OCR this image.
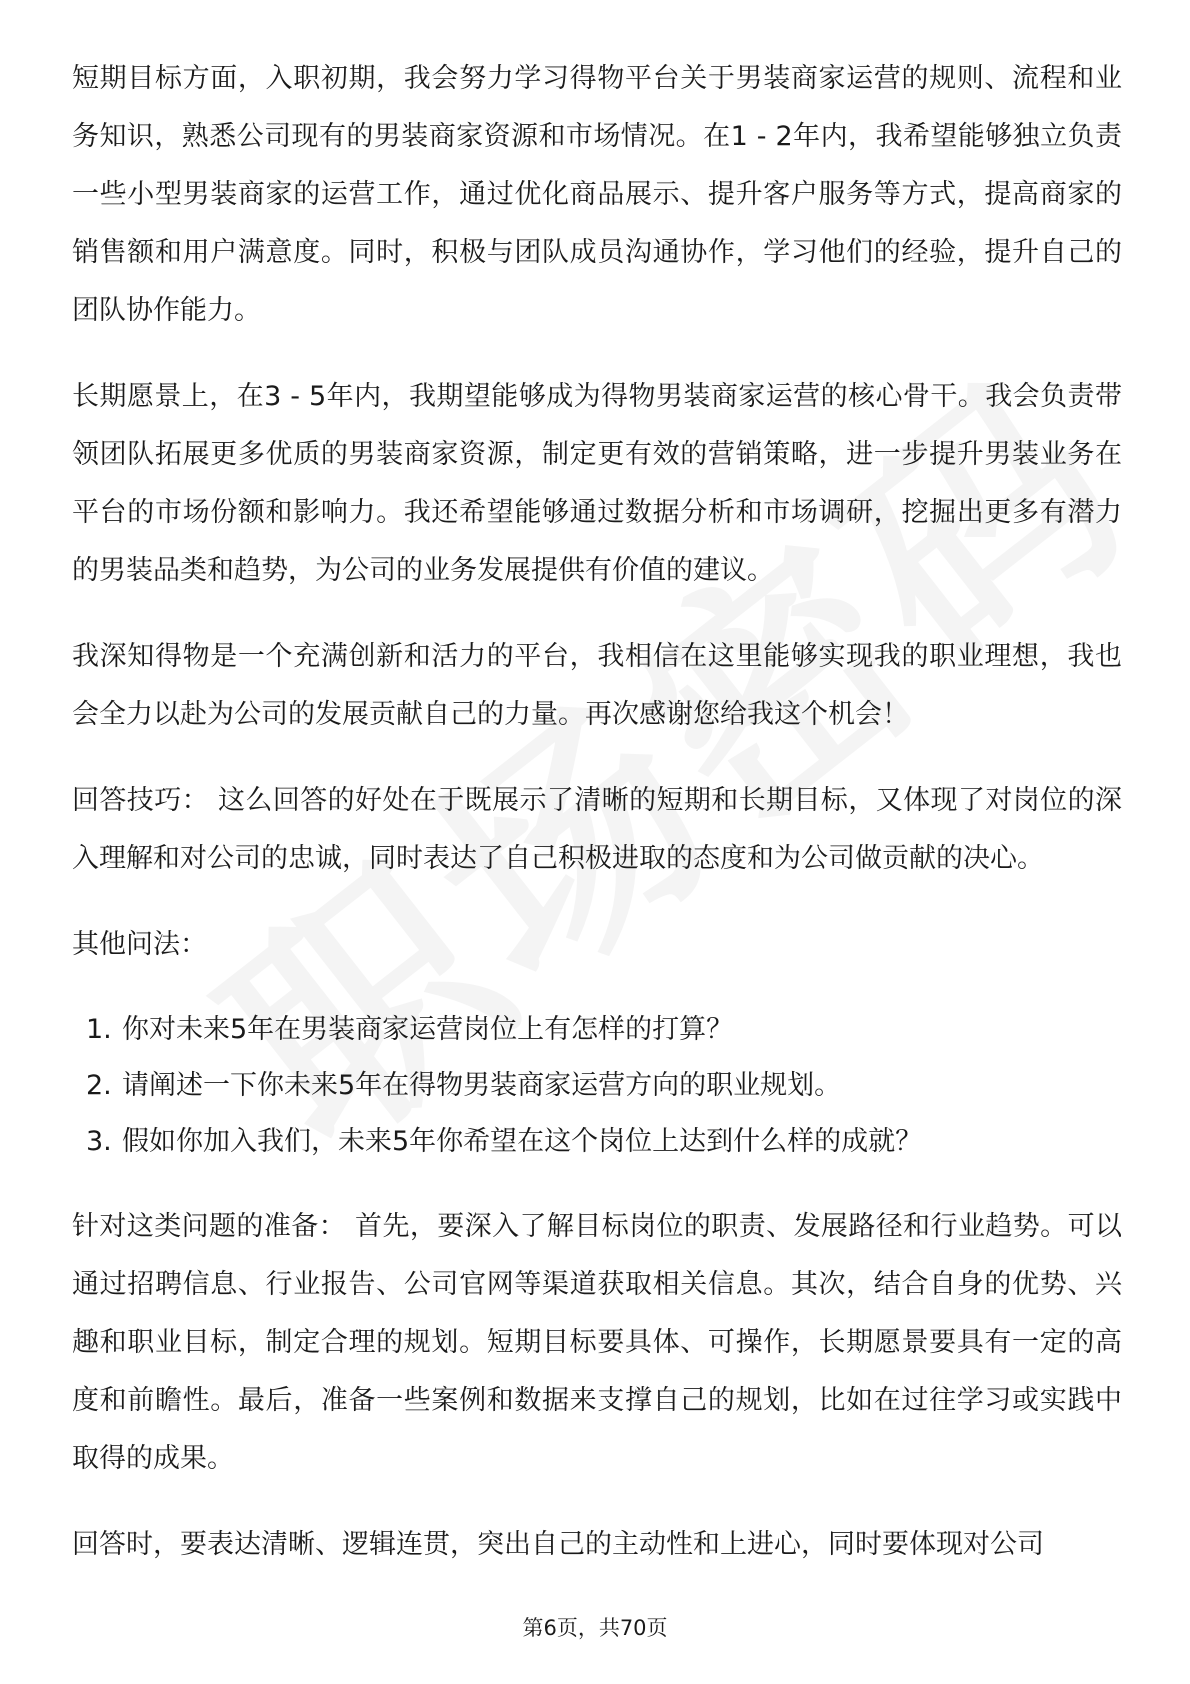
短期目标方面，入职初期，我会努力学习得物平台关于男装商家运营的规则、流程和业务知识，熟悉公司现有的男装商家资源和市场情况。在1 - 2年内，我希望能够独立负责一些小型男装商家的运营工作，通过优化商品展示、提升客户服务等方式，提高商家的销售额和用户满意度。同时，积极与团队成员沟通协作，学习他们的经验，提升自己的团队协作能力。

长期愿景上，在3 - 5年内，我期望能够成为得物男装商家运营的核心骨干。我会负责带领团队拓展更多优质的男装商家资源，制定更有效的营销策略，进一步提升男装业务在平台的市场份额和影响力。我还希望能够通过数据分析和市场调研，挖掘出更多有潜力的男装品类和趋势，为公司的业务发展提供有价值的建议。

我深知得物是一个充满创新和活力的平台，我相信在这里能够实现我的职业理想，我也会全力以赴为公司的发展贡献自己的力量。再次感谢您给我这个机会！

回答技巧： 这么回答的好处在于既展示了清晰的短期和长期目标，又体现了对岗位的深入理解和对公司的忠诚，同时表达了自己积极进取的态度和为公司做贡献的决心。

其他问法：

1. 你对未来5年在男装商家运营岗位上有怎样的打算？
2. 请阐述一下你未来5年在得物男装商家运营方向的职业规划。
3. 假如你加入我们，未来5年你希望在这个岗位上达到什么样的成就？

针对这类问题的准备： 首先，要深入了解目标岗位的职责、发展路径和行业趋势。可以通过招聘信息、行业报告、公司官网等渠道获取相关信息。其次，结合自身的优势、兴趣和职业目标，制定合理的规划。短期目标要具体、可操作，长期愿景要具有一定的高度和前瞻性。最后，准备一些案例和数据来支撑自己的规划，比如在过往学习或实践中取得的成果。

回答时，要表达清晰、逻辑连贯，突出自己的主动性和上进心，同时要体现对公司

第6页，共70页
